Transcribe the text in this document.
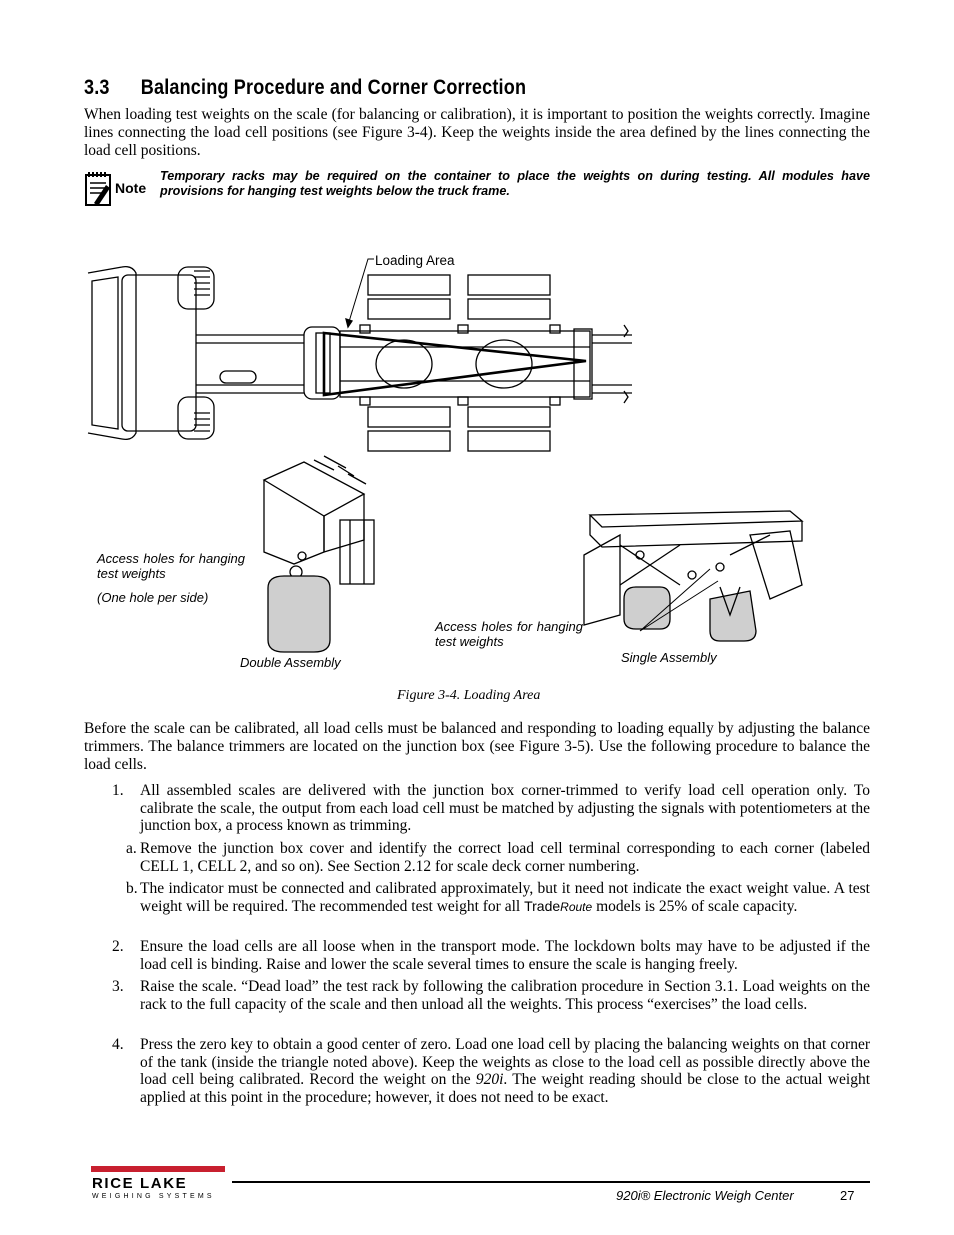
3.3 Balancing Procedure and Corner Correction

When loading test weights on the scale (for balancing or calibration), it is important to position the weights correctly. Imagine lines connecting the load cell positions (see Figure 3-4). Keep the weights inside the area defined by the lines connecting the load cell positions.

Note
Temporary racks may be required on the container to place the weights on during testing. All modules have provisions for hanging test weights below the truck frame.
Loading Area
Access holes for hanging test weights
(One hole per side)
Double Assembly
Access holes for hanging test weights
Single Assembly
Figure 3-4. Loading Area

Before the scale can be calibrated, all load cells must be balanced and responding to loading equally by adjusting the balance trimmers. The balance trimmers are located on the junction box (see Figure 3-5). Use the following procedure to balance the load cells.

1.	All assembled scales are delivered with the junction box corner-trimmed to verify load cell operation only. To calibrate the scale, the output from each load cell must be matched by adjusting the signals with potentiometers at the junction box, a process known as trimming.
a. Remove the junction box cover and identify the correct load cell terminal corresponding to each corner (labeled CELL 1, CELL 2, and so on). See Section 2.12 for scale deck corner numbering.
b. The indicator must be connected and calibrated approximately, but it need not indicate the exact weight value. A test weight will be required. The recommended test weight for all TradeRoute models is 25% of scale capacity.
2.	Ensure the load cells are all loose when in the transport mode. The lockdown bolts may have to be adjusted if the load cell is binding. Raise and lower the scale several times to ensure the scale is hanging freely.
3.	Raise the scale. “Dead load” the test rack by following the calibration procedure in Section 3.1. Load weights on the rack to the full capacity of the scale and then unload all the weights. This process “exercises” the load cells.
4.	Press the zero key to obtain a good center of zero. Load one load cell by placing the balancing weights on that corner of the tank (inside the triangle noted above). Keep the weights as close to the load cell as possible directly above the load cell being calibrated. Record the weight on the 920i. The weight reading should be close to the actual weight applied at this point in the procedure; however, it does not need to be exact.
RICE LAKE
WEIGHING SYSTEMS	920i® Electronic Weigh Center	27
